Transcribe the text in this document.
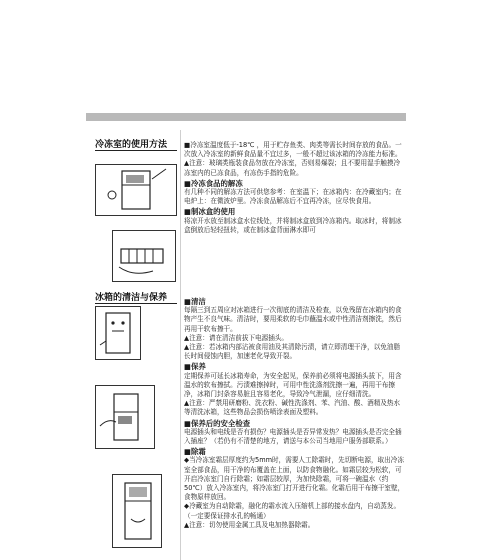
冷冻室的使用方法	■冷冻室温度低于-18℃ ，用于贮存鱼类、肉类等需长时间存放的食品。一次放入冷冻室的新鲜食品量不宜过多，一般不超过该冰箱的冷冻能力标准。

▲注意：玻璃类瓶装食品勿放在冷冻室，否则易爆裂；且不要用湿手触摸冷冻室内的已冻食品，有冻伤手指的危险。

■冷冻食品的解冻

有几种不同的解冻方法可供您参考：在室温下；在冰箱内：在冷藏室内；在电炉上：在微波炉里。冷冻食品解冻后不宜再冷冻，应尽快食用。

■制冰盒的使用

将凉开水放至制冰盒水位线处，并将制冰盒放到冷冻箱内。取冰时，将制冰盒倒放后轻轻扭转，或在制冰盒背面淋水即可

冰箱的清洁与保养 ■清洁

每隔三到五周应对冰箱进行一次彻底的清洁及检查，以免残留在冰箱内的食物产生不良气味。清洁时，要用柔软的毛巾蘸温水或中性清洁剂擦洗，然后再用干软布擦干。

▲注意：请在清洁前拔下电源插头。

▲注意：若冰箱内部沾被食用油及其清除污渍，请立即清理干净，以免油脂长时间侵蚀内胆，加速老化导致开裂。

■保养

定期保养可延长冰箱寿命，为安全起见，保养前必须将电源插头拔下，用含温水的软布擦拭。污渍难擦掉时，可用中性洗涤剂洗擦一遍，再用干布擦净，冰箱门封条容易脏且容易老化，导致冷气泄漏，应仔细清洗。

▲注意：严禁用研磨粉、洗衣粉、碱性洗涤剂、苯、汽油、酸、酒精及热水等清洗冰箱，这些物品会损伤喷涂表面及塑料。

■保养后的安全检查

电源插头和电线是否有损伤？电源插头是否异常发热？电源插头是否完全插入插座？（若仍有不清楚的地方，请送与本公司当地用户服务部联系。）

■除霜

◆当冷冻室霜层厚度约为5mm时，需要人工除霜时，先切断电源，取出冷冻室全部食品，用干净的布覆盖在上面，以防食物融化。如霜层较为松软，可开启冷冻室门自行除霜；如霜层较厚，为加快除霜，可将一碗温水（约50℃）放入冷冻室内，将冷冻室门打开进行化霜。化霜后用干布擦干室壁，食物原样放回。

◆冷藏室为自动除霜，融化的霜水流入压缩机上部的接水盘内，自动蒸发。（一定要保证排水孔的畅通）

▲注意：切勿使用金属工具及电加热器除霜。
